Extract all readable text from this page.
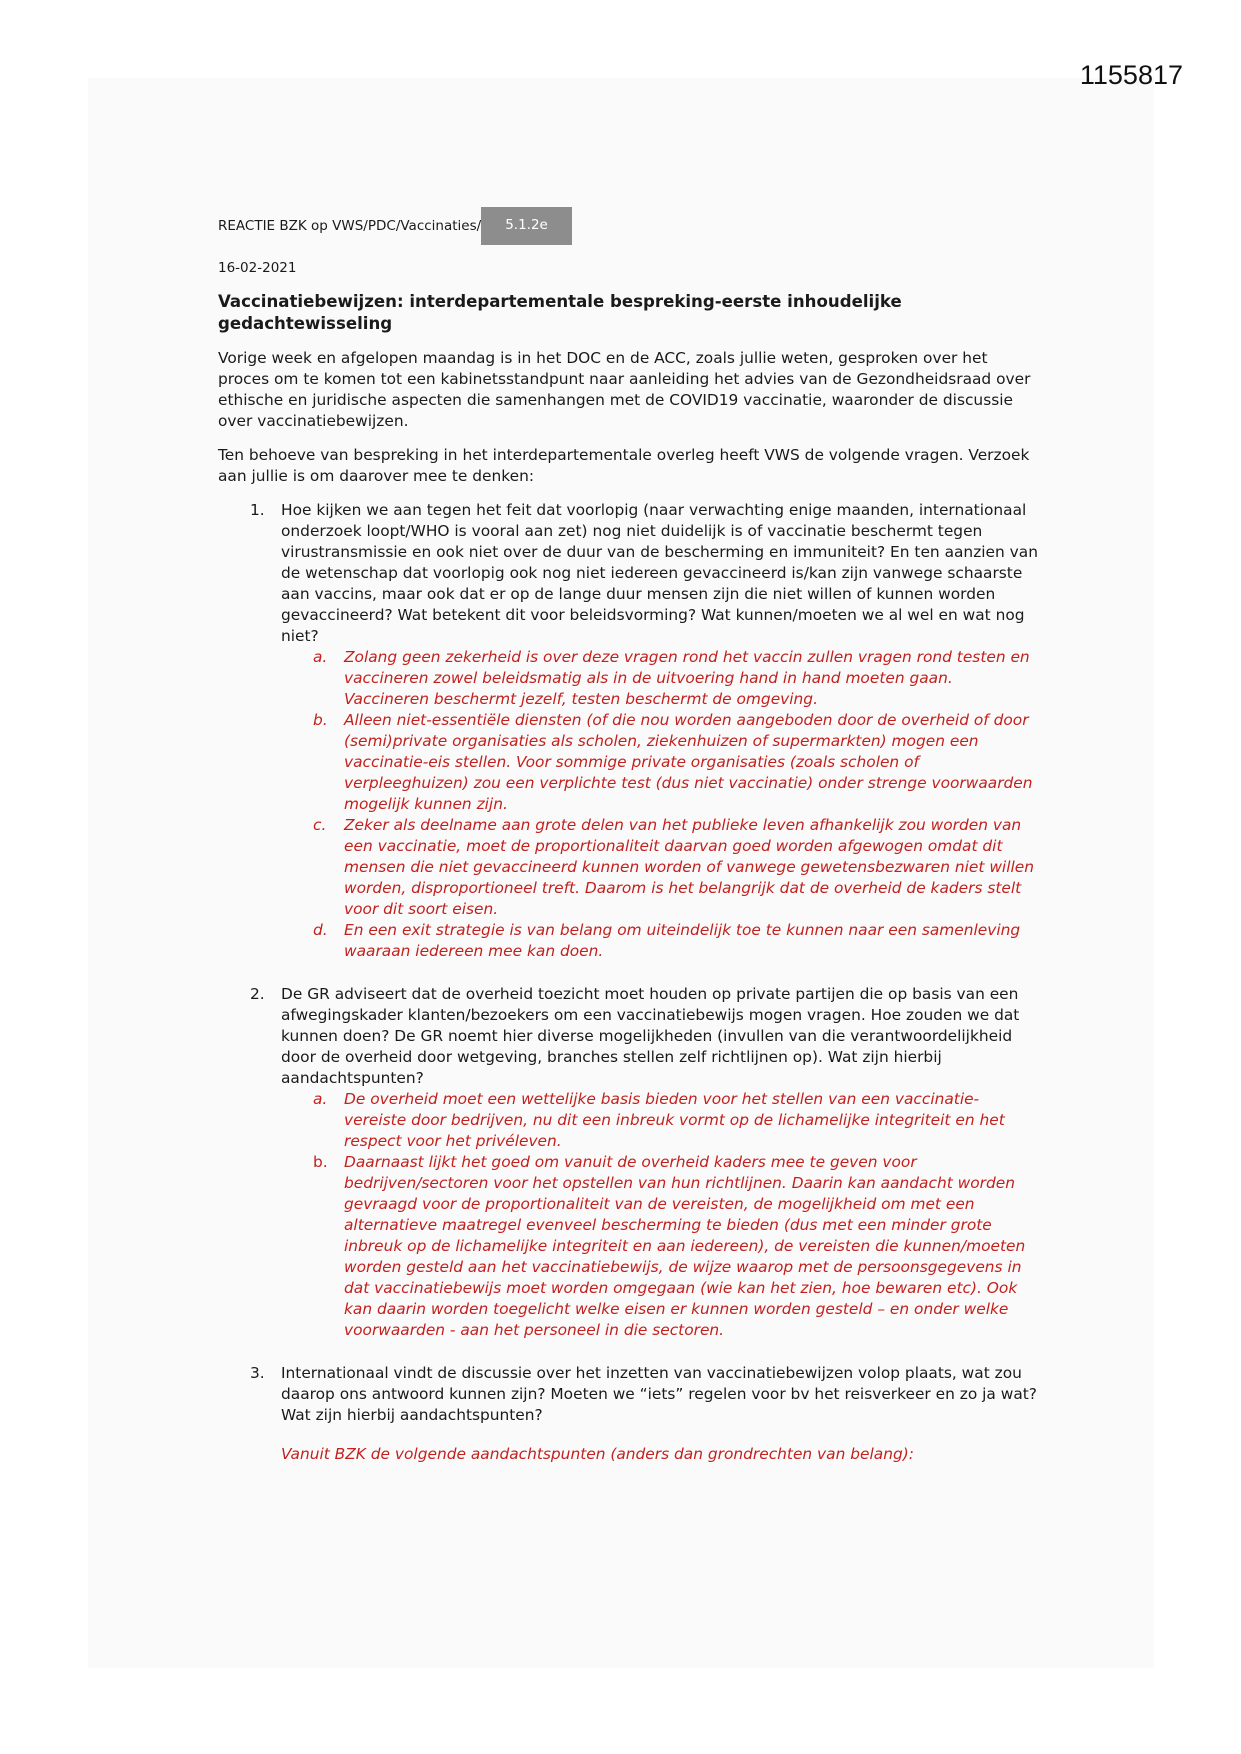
1155817
REACTIE BZK op VWS/PDC/Vaccinaties/	5.1.2e
16-02-2021
Vaccinatiebewijzen: interdepartementale bespreking-eerste inhoudelijke gedachtewisseling

Vorige week en afgelopen maandag is in het DOC en de ACC, zoals jullie weten, gesproken over het proces om te komen tot een kabinetsstandpunt naar aanleiding het advies van de Gezondheidsraad over ethische en juridische aspecten die samenhangen met de COVID19 vaccinatie, waaronder de discussie over vaccinatiebewijzen.

Ten behoeve van bespreking in het interdepartementale overleg heeft VWS de volgende vragen. Verzoek aan jullie is om daarover mee te denken:

1. Hoe kijken we aan tegen het feit dat voorlopig (naar verwachting enige maanden, internationaal onderzoek loopt/WHO is vooral aan zet) nog niet duidelijk is of vaccinatie beschermt tegen virustransmissie en ook niet over de duur van de bescherming en immuniteit? En ten aanzien van de wetenschap dat voorlopig ook nog niet iedereen gevaccineerd is/kan zijn vanwege schaarste aan vaccins, maar ook dat er op de lange duur mensen zijn die niet willen of kunnen worden gevaccineerd? Wat betekent dit voor beleidsvorming? Wat kunnen/moeten we al wel en wat nog niet?
a. Zolang geen zekerheid is over deze vragen rond het vaccin zullen vragen rond testen en vaccineren zowel beleidsmatig als in de uitvoering hand in hand moeten gaan. Vaccineren beschermt jezelf, testen beschermt de omgeving.
b. Alleen niet-essentiële diensten (of die nou worden aangeboden door de overheid of door (semi)private organisaties als scholen, ziekenhuizen of supermarkten) mogen een vaccinatie-eis stellen. Voor sommige private organisaties (zoals scholen of verpleeghuizen) zou een verplichte test (dus niet vaccinatie) onder strenge voorwaarden mogelijk kunnen zijn.
c. Zeker als deelname aan grote delen van het publieke leven afhankelijk zou worden van een vaccinatie, moet de proportionaliteit daarvan goed worden afgewogen omdat dit mensen die niet gevaccineerd kunnen worden of vanwege gewetensbezwaren niet willen worden, disproportioneel treft. Daarom is het belangrijk dat de overheid de kaders stelt voor dit soort eisen.
d. En een exit strategie is van belang om uiteindelijk toe te kunnen naar een samenleving waaraan iedereen mee kan doen.
2. De GR adviseert dat de overheid toezicht moet houden op private partijen die op basis van een afwegingskader klanten/bezoekers om een vaccinatiebewijs mogen vragen. Hoe zouden we dat kunnen doen? De GR noemt hier diverse mogelijkheden (invullen van die verantwoordelijkheid door de overheid door wetgeving, branches stellen zelf richtlijnen op). Wat zijn hierbij aandachtspunten?
a. De overheid moet een wettelijke basis bieden voor het stellen van een vaccinatie-vereiste door bedrijven, nu dit een inbreuk vormt op de lichamelijke integriteit en het respect voor het privéleven.
b. Daarnaast lijkt het goed om vanuit de overheid kaders mee te geven voor bedrijven/sectoren voor het opstellen van hun richtlijnen. Daarin kan aandacht worden gevraagd voor de proportionaliteit van de vereisten, de mogelijkheid om met een alternatieve maatregel evenveel bescherming te bieden (dus met een minder grote inbreuk op de lichamelijke integriteit en aan iedereen), de vereisten die kunnen/moeten worden gesteld aan het vaccinatiebewijs, de wijze waarop met de persoonsgegevens in dat vaccinatiebewijs moet worden omgegaan (wie kan het zien, hoe bewaren etc). Ook kan daarin worden toegelicht welke eisen er kunnen worden gesteld – en onder welke voorwaarden - aan het personeel in die sectoren.
3. Internationaal vindt de discussie over het inzetten van vaccinatiebewijzen volop plaats, wat zou daarop ons antwoord kunnen zijn? Moeten we “iets” regelen voor bv het reisverkeer en zo ja wat? Wat zijn hierbij aandachtspunten?
Vanuit BZK de volgende aandachtspunten (anders dan grondrechten van belang):
